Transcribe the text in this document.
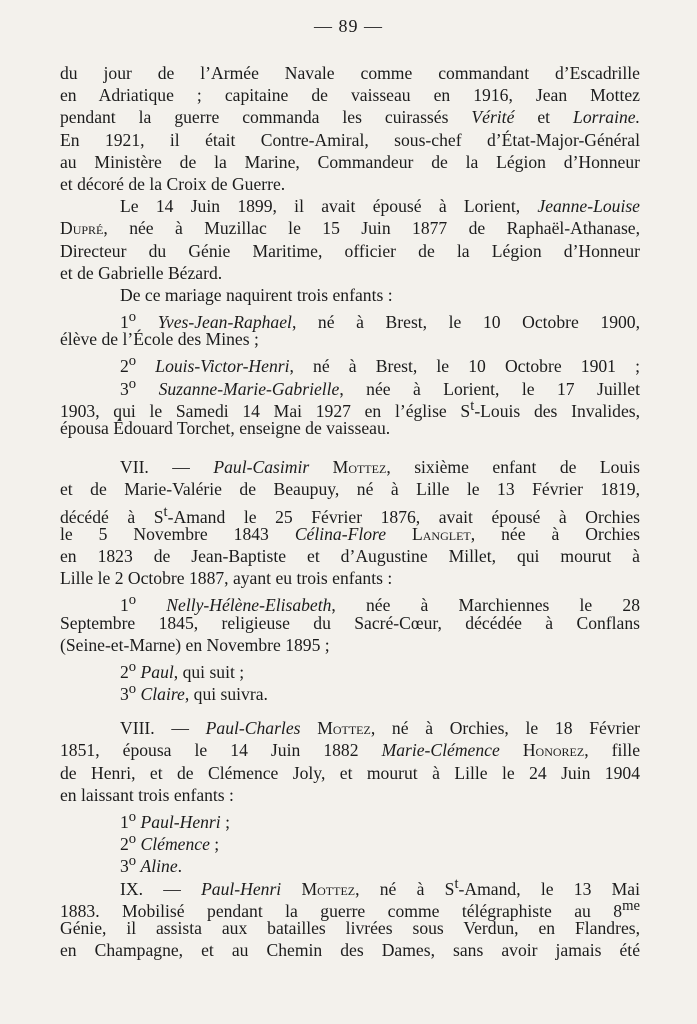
— 89 —
du jour de l’Armée Navale comme commandant d’Escadrille
en Adriatique ; capitaine de vaisseau en 1916, Jean Mottez
pendant la guerre commanda les cuirassés Vérité et Lorraine.
En 1921, il était Contre-Amiral, sous-chef d’État-Major-Général
au Ministère de la Marine, Commandeur de la Légion d’Honneur
et décoré de la Croix de Guerre.
Le 14 Juin 1899, il avait épousé à Lorient, Jeanne-Louise
Dupré, née à Muzillac le 15 Juin 1877 de Raphaël-Athanase,
Directeur du Génie Maritime, officier de la Légion d’Honneur
et de Gabrielle Bézard.
De ce mariage naquirent trois enfants :
1$^o$ Yves-Jean-Raphael, né à Brest, le 10 Octobre 1900,
élève de l’École des Mines ;
2$^o$ Louis-Victor-Henri, né à Brest, le 10 Octobre 1901 ;
3$^o$ Suzanne-Marie-Gabrielle, née à Lorient, le 17 Juillet
1903, qui le Samedi 14 Mai 1927 en l’église $S^t$-Louis des Invalides,
épousa Édouard Torchet, enseigne de vaisseau.
VII. — Paul-Casimir Mottez, sixième enfant de Louis
et de Marie-Valérie de Beaupuy, né à Lille le 13 Février 1819,
décédé à $S^t$-Amand le 25 Février 1876, avait épousé à Orchies
le 5 Novembre 1843 Célina-Flore Langlet, née à Orchies
en 1823 de Jean-Baptiste et d’Augustine Millet, qui mourut à
Lille le 2 Octobre 1887, ayant eu trois enfants :
1$^o$ Nelly-Hélène-Elisabeth, née à Marchiennes le 28
Septembre 1845, religieuse du Sacré-Cœur, décédée à Conflans
(Seine-et-Marne) en Novembre 1895 ;
2$^o$ Paul, qui suit ;
3$^o$ Claire, qui suivra.
VIII. — Paul-Charles Mottez, né à Orchies, le 18 Février
1851, épousa le 14 Juin 1882 Marie-Clémence Honorez, fille
de Henri, et de Clémence Joly, et mourut à Lille le 24 Juin 1904
en laissant trois enfants :
1$^o$ Paul-Henri ;
2$^o$ Clémence ;
3$^o$ Aline.
IX. — Paul-Henri Mottez, né à $S^t$-Amand, le 13 Mai
1883. Mobilisé pendant la guerre comme télégraphiste au $8^{me}$
Génie, il assista aux batailles livrées sous Verdun, en Flandres,
en Champagne, et au Chemin des Dames, sans avoir jamais été
